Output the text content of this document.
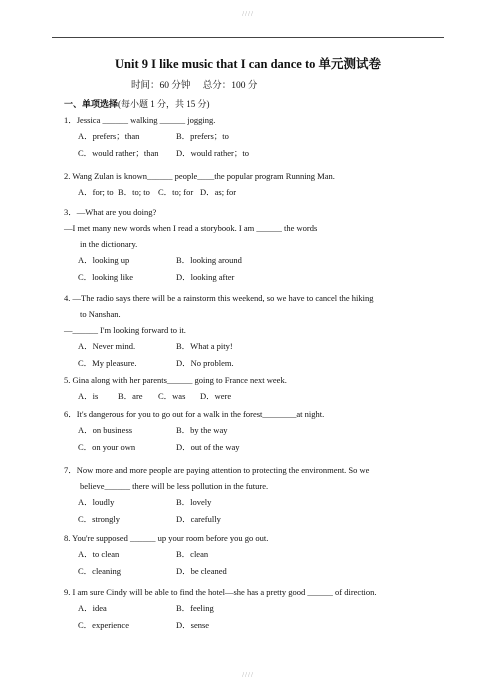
////
Unit 9 I like music that I can dance to 单元测试卷
时间：60 分钟 总分：100 分
一、单项选择(每小题 1 分，共 15 分)
1．Jessica ______ walking ______ jogging.
2. Wang Zulan is known______ people____the popular program Running Man.
3．—What are you doing?
—I met many new words when I read a storybook. I am ______ the words
in the dictionary.
4. —The radio says there will be a rainstorm this weekend, so we have to cancel the hiking
to Nanshan.
—______ I'm looking forward to it.
5. Gina along with her parents______ going to France next week.
6．It's dangerous for you to go out for a walk in the forest________at night.
7．Now more and more people are paying attention to protecting the environment. So we
believe______ there will be less pollution in the future.
8. You're supposed ______ up your room before you go out.
9. I am sure Cindy will be able to find the hotel—she has a pretty good ______ of direction.
////
A．prefers；than	B．prefers；to
C．would rather；than D．would rather；to
A．for; to B．to; to C．to; for D．as; for
A．looking up	B．looking around
C．looking like	D．looking after
A．Never mind.	B．What a pity!
C．My pleasure.	D．No problem.
A．is B．are C．was D．were
A．on business	B．by the way
C．on your own	D．out of the way
A．loudly	B．lovely
C．strongly	D．carefully
A．to clean	B．clean
C．cleaning	D．be cleaned
A．idea	B．feeling
C．experience	D．sense
